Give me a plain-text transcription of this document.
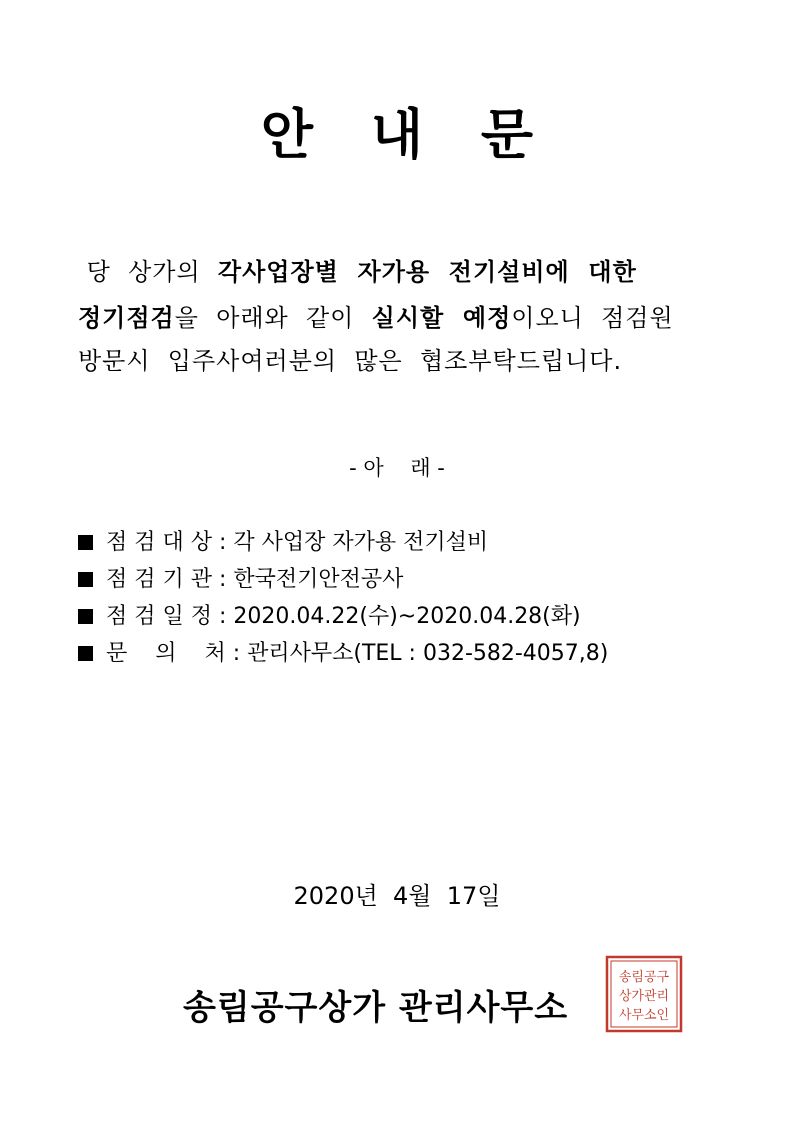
안 내 문
당  상가의  각사업장별  자가용  전기설비에  대한
정기점검을  아래와  같이  실시할  예정이오니  점검원
방문시  입주사여러분의  많은  협조부탁드립니다.
- 아    래 -
점 검 대 상 : 각 사업장 자가용 전기설비
점 검 기 관 : 한국전기안전공사
점 검 일 정 : 2020.04.22(수)~2020.04.28(화)
문    의    처 : 관리사무소(TEL : 032-582-4057,8)
2020년  4월  17일
송림공구상가 관리사무소
송림공구
상가관리
사무소인
